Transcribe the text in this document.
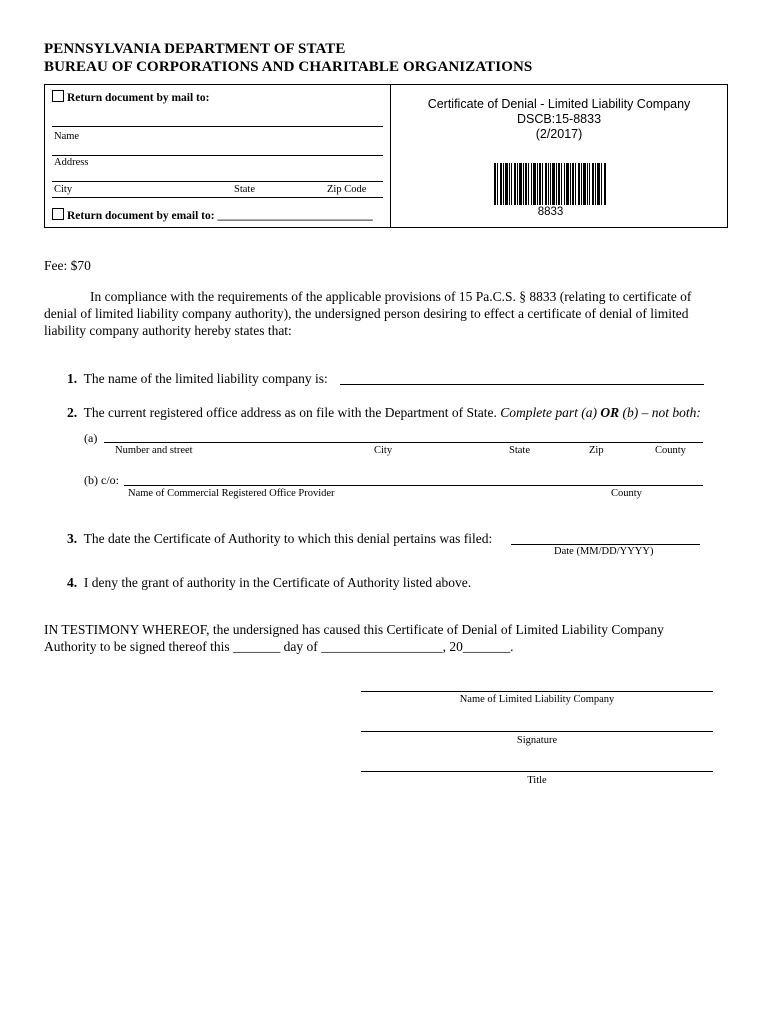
PENNSYLVANIA DEPARTMENT OF STATE
BUREAU OF CORPORATIONS AND CHARITABLE ORGANIZATIONS
Return document by mail to:
Name
Address
City	State	Zip Code
Return document by email to: ___________________________
Certificate of Denial - Limited Liability Company
DSCB:15-8833
(2/2017)
8833
Fee: $70
In compliance with the requirements of the applicable provisions of 15 Pa.C.S. § 8833 (relating to certificate of denial of limited liability company authority), the undersigned person desiring to effect a certificate of denial of limited liability company authority hereby states that:
1. The name of the limited liability company is:
2. The current registered office address as on file with the Department of State. Complete part (a) OR (b) – not both:
(a)
Number and street	City	State	Zip	County
(b) c/o:
Name of Commercial Registered Office Provider	County
3. The date the Certificate of Authority to which this denial pertains was filed:
Date (MM/DD/YYYY)
4. I deny the grant of authority in the Certificate of Authority listed above.
IN TESTIMONY WHEREOF, the undersigned has caused this Certificate of Denial of Limited Liability Company
Authority to be signed thereof this _______ day of __________________, 20_______.
Name of Limited Liability Company
Signature
Title
